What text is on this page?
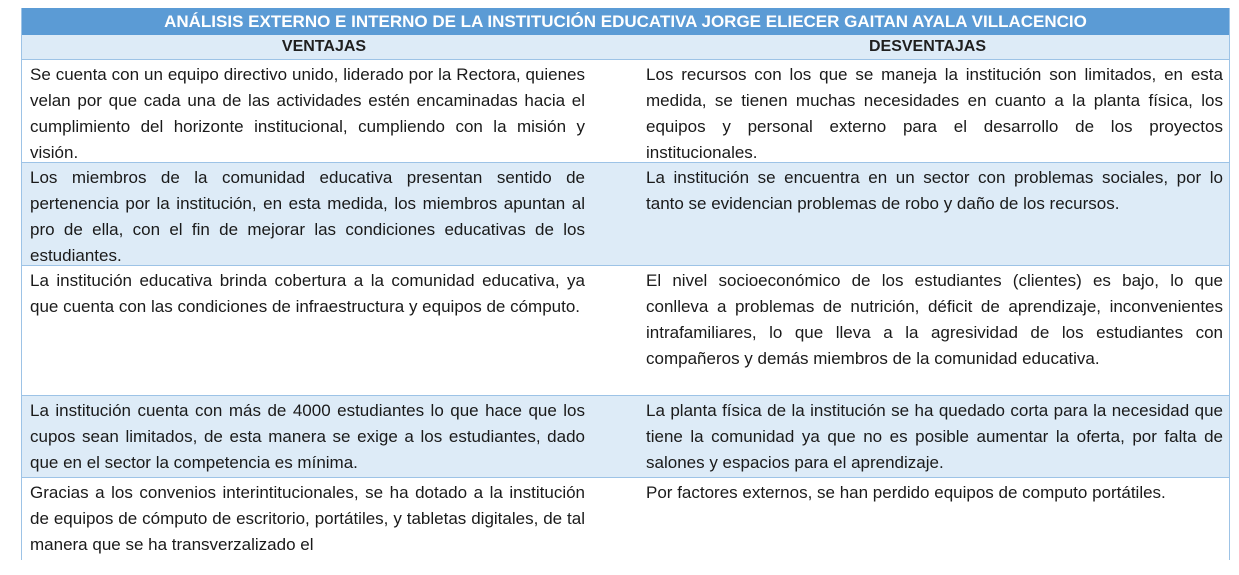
ANÁLISIS EXTERNO E INTERNO DE LA INSTITUCIÓN EDUCATIVA JORGE ELIECER GAITAN AYALA VILLACENCIO
VENTAJAS	DESVENTAJAS
Se cuenta con un equipo directivo unido, liderado por la Rectora, quienes velan por que cada una de las actividades estén encaminadas hacia el cumplimiento del horizonte institucional, cumpliendo con la misión y visión.
Los recursos con los que se maneja la institución son limitados, en esta medida, se tienen muchas necesidades en cuanto a la planta física, los equipos y personal externo para el desarrollo de los proyectos institucionales.
Los miembros de la comunidad educativa presentan sentido de pertenencia por la institución, en esta medida, los miembros apuntan al pro de ella, con el fin de mejorar las condiciones educativas de los estudiantes.
La institución se encuentra en un sector con problemas sociales, por lo tanto se evidencian problemas de robo y daño de los recursos.
La institución educativa brinda cobertura a la comunidad educativa, ya que cuenta con las condiciones de infraestructura y equipos de cómputo.
El nivel socioeconómico de los estudiantes (clientes) es bajo, lo que conlleva a problemas de nutrición, déficit de aprendizaje, inconvenientes intrafamiliares, lo que lleva a la agresividad de los estudiantes con compañeros y demás miembros de la comunidad educativa.
La institución cuenta con más de 4000 estudiantes lo que hace que los cupos sean limitados, de esta manera se exige a los estudiantes, dado que en el sector la competencia es mínima.
La planta física de la institución se ha quedado corta para la necesidad que tiene la comunidad ya que no es posible aumentar la oferta, por falta de salones y espacios para el aprendizaje.
Gracias a los convenios interintitucionales, se ha dotado a la institución de equipos de cómputo de escritorio, portátiles, y tabletas digitales, de tal manera que se ha transverzalizado el
Por factores externos, se han perdido equipos de computo portátiles.
